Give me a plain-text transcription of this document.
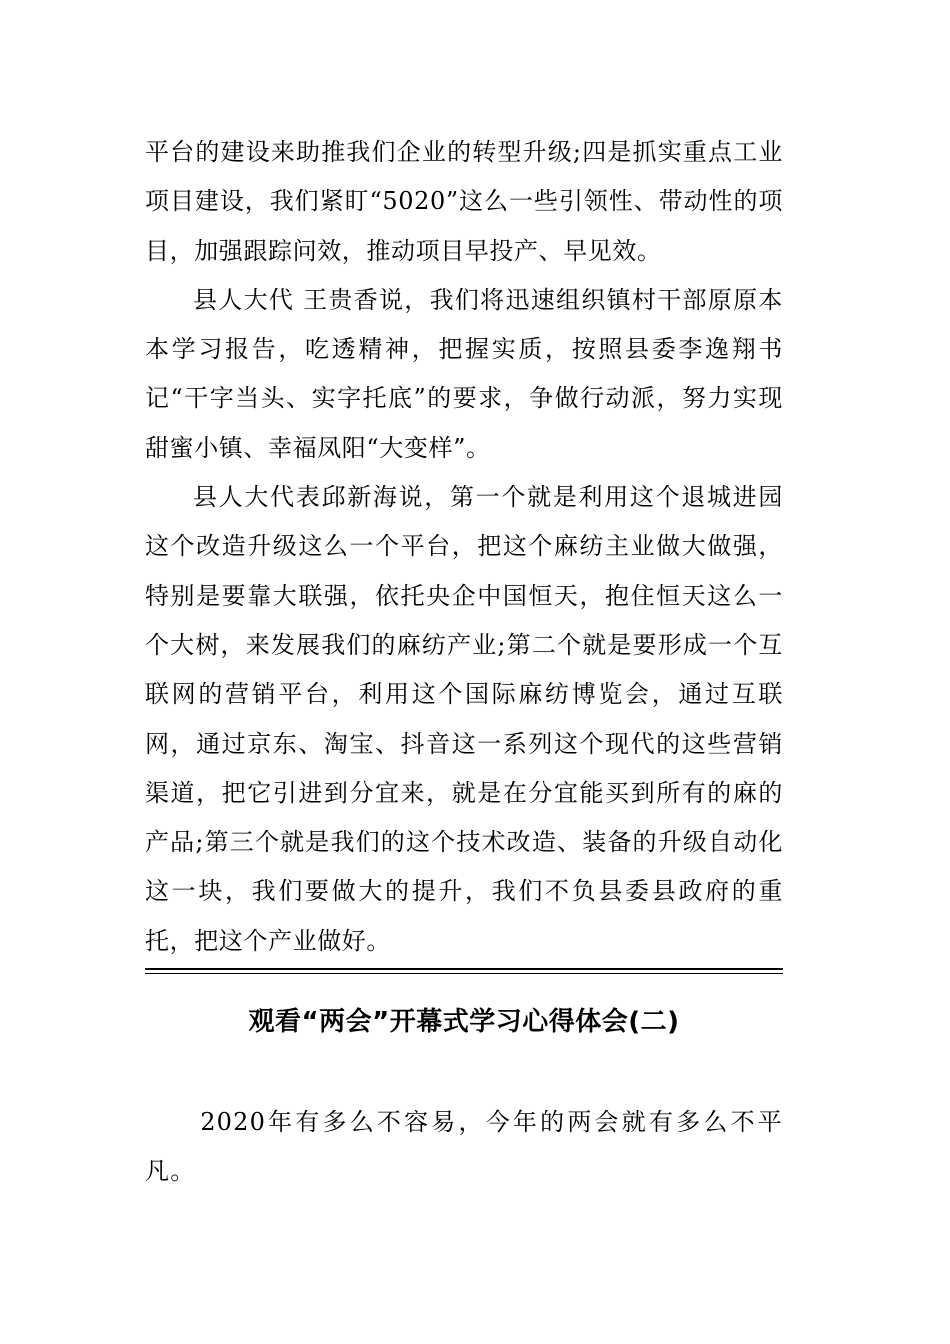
平台的建设来助推我们企业的转型升级;四是抓实重点工业项目建设，我们紧盯“5020”这么一些引领性、带动性的项目，加强跟踪问效，推动项目早投产、早见效。

县人大代 王贵香说，我们将迅速组织镇村干部原原本本学习报告，吃透精神，把握实质，按照县委李逸翔书记“干字当头、实字托底”的要求，争做行动派，努力实现甜蜜小镇、幸福凤阳“大变样”。

县人大代表邱新海说，第一个就是利用这个退城进园这个改造升级这么一个平台，把这个麻纺主业做大做强，特别是要靠大联强，依托央企中国恒天，抱住恒天这么一个大树，来发展我们的麻纺产业;第二个就是要形成一个互联网的营销平台，利用这个国际麻纺博览会，通过互联网，通过京东、淘宝、抖音这一系列这个现代的这些营销渠道，把它引进到分宜来，就是在分宜能买到所有的麻的产品;第三个就是我们的这个技术改造、装备的升级自动化这一块，我们要做大的提升，我们不负县委县政府的重托，把这个产业做好。

观看“两会”开幕式学习心得体会(二)

2020年有多么不容易，今年的两会就有多么不平凡。
